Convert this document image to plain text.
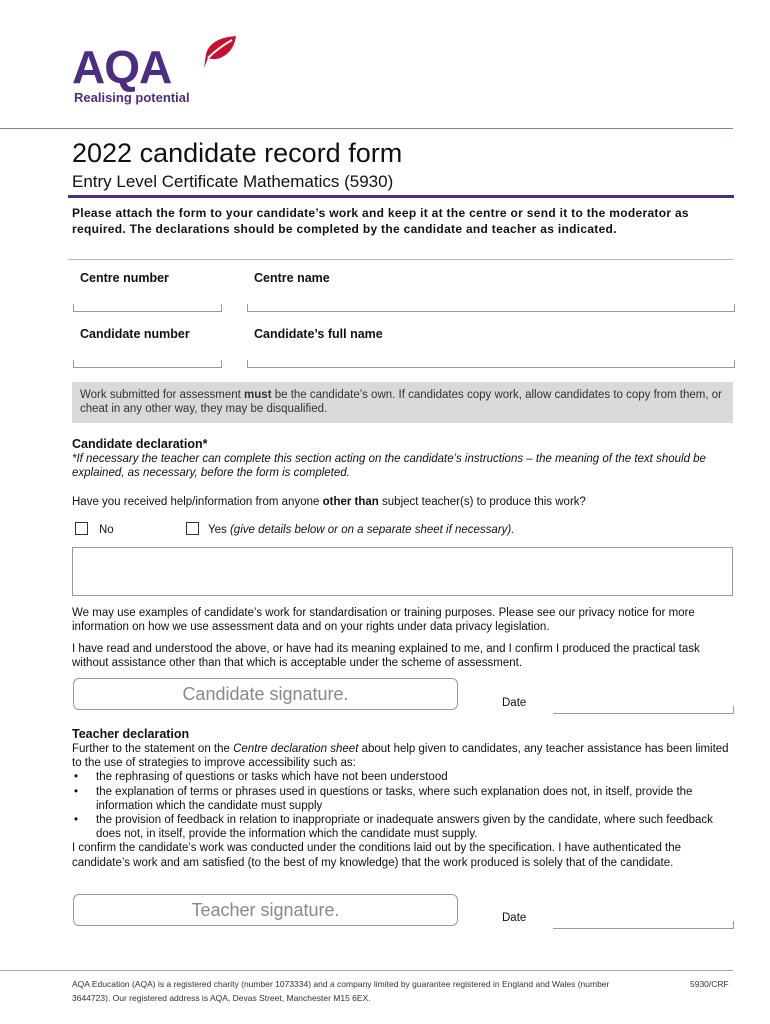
AQA
Realising potential
2022 candidate record form
Entry Level Certificate Mathematics (5930)
Please attach the form to your candidate’s work and keep it at the centre or send it to the moderator as required. The declarations should be completed by the candidate and teacher as indicated.
Centre number	Centre name
Candidate number	Candidate’s full name
Work submitted for assessment must be the candidate’s own. If candidates copy work, allow candidates to copy from them, or cheat in any other way, they may be disqualified.
Candidate declaration*
*If necessary the teacher can complete this section acting on the candidate’s instructions – the meaning of the text should be explained, as necessary, before the form is completed.
Have you received help/information from anyone other than subject teacher(s) to produce this work?
No	Yes (give details below or on a separate sheet if necessary).
We may use examples of candidate’s work for standardisation or training purposes. Please see our privacy notice for more information on how we use assessment data and on your rights under data privacy legislation.
I have read and understood the above, or have had its meaning explained to me, and I confirm I produced the practical task without assistance other than that which is acceptable under the scheme of assessment.
Candidate signature.	Date
Teacher declaration
Further to the statement on the Centre declaration sheet about help given to candidates, any teacher assistance has been limited to the use of strategies to improve accessibility such as:
• the rephrasing of questions or tasks which have not been understood
• the explanation of terms or phrases used in questions or tasks, where such explanation does not, in itself, provide the information which the candidate must supply
• the provision of feedback in relation to inappropriate or inadequate answers given by the candidate, where such feedback does not, in itself, provide the information which the candidate must supply.
I confirm the candidate’s work was conducted under the conditions laid out by the specification. I have authenticated the candidate’s work and am satisfied (to the best of my knowledge) that the work produced is solely that of the candidate.
Teacher signature.	Date
AQA Education (AQA) is a registered charity (number 1073334) and a company limited by guarantee registered in England and Wales (number 3644723). Our registered address is AQA, Devas Street, Manchester M15 6EX.
5930/CRF
